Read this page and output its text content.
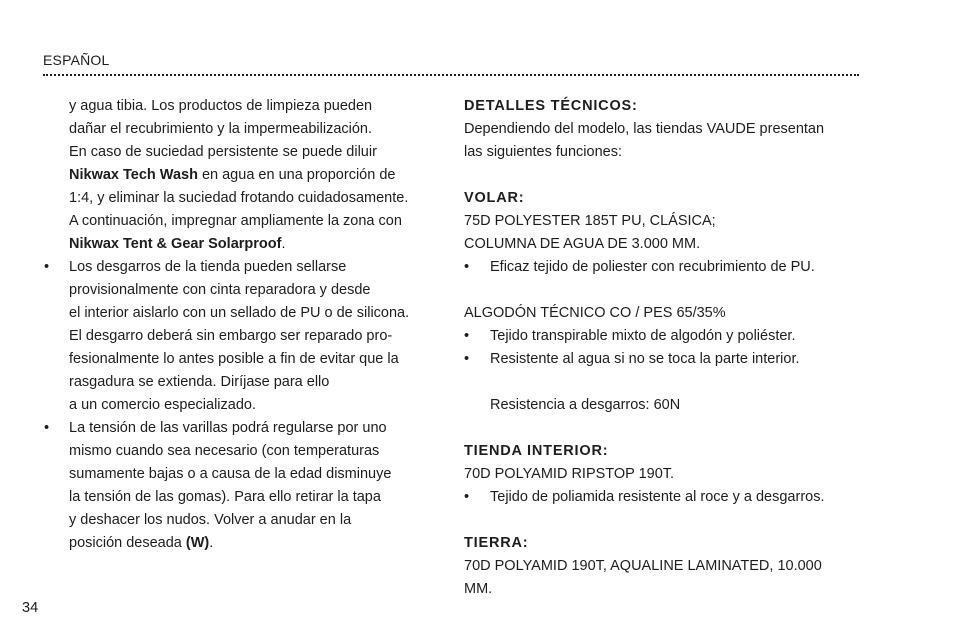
ESPAÑOL
y agua tibia. Los productos de limpieza pueden
dañar el recubrimiento y la impermeabilización.
En caso de suciedad persistente se puede diluir
Nikwax Tech Wash en agua en una proporción de
1:4, y eliminar la suciedad frotando cuidadosamente.
A continuación, impregnar ampliamente la zona con
Nikwax Tent & Gear Solarproof.
• Los desgarros de la tienda pueden sellarse
provisionalmente con cinta reparadora y desde
el interior aislarlo con un sellado de PU o de silicona.
El desgarro deberá sin embargo ser reparado pro-
fesionalmente lo antes posible a fin de evitar que la
rasgadura se extienda. Diríjase para ello
a un comercio especializado.
• La tensión de las varillas podrá regularse por uno
mismo cuando sea necesario (con temperaturas
sumamente bajas o a causa de la edad disminuye
la tensión de las gomas). Para ello retirar la tapa
y deshacer los nudos. Volver a anudar en la
posición deseada (W).
DETALLES TÉCNICOS:
Dependiendo del modelo, las tiendas VAUDE presentan
las siguientes funciones:
VOLAR:
75D POLYESTER 185T PU, CLÁSICA;
COLUMNA DE AGUA DE 3.000 MM.
• Eficaz tejido de poliester con recubrimiento de PU.
ALGODÓN TÉCNICO CO / PES 65/35%
• Tejido transpirable mixto de algodón y poliéster.
• Resistente al agua si no se toca la parte interior.
Resistencia a desgarros: 60N
TIENDA INTERIOR:
70D POLYAMID RIPSTOP 190T.
• Tejido de poliamida resistente al roce y a desgarros.
TIERRA:
70D POLYAMID 190T, AQUALINE LAMINATED, 10.000
MM.
34
